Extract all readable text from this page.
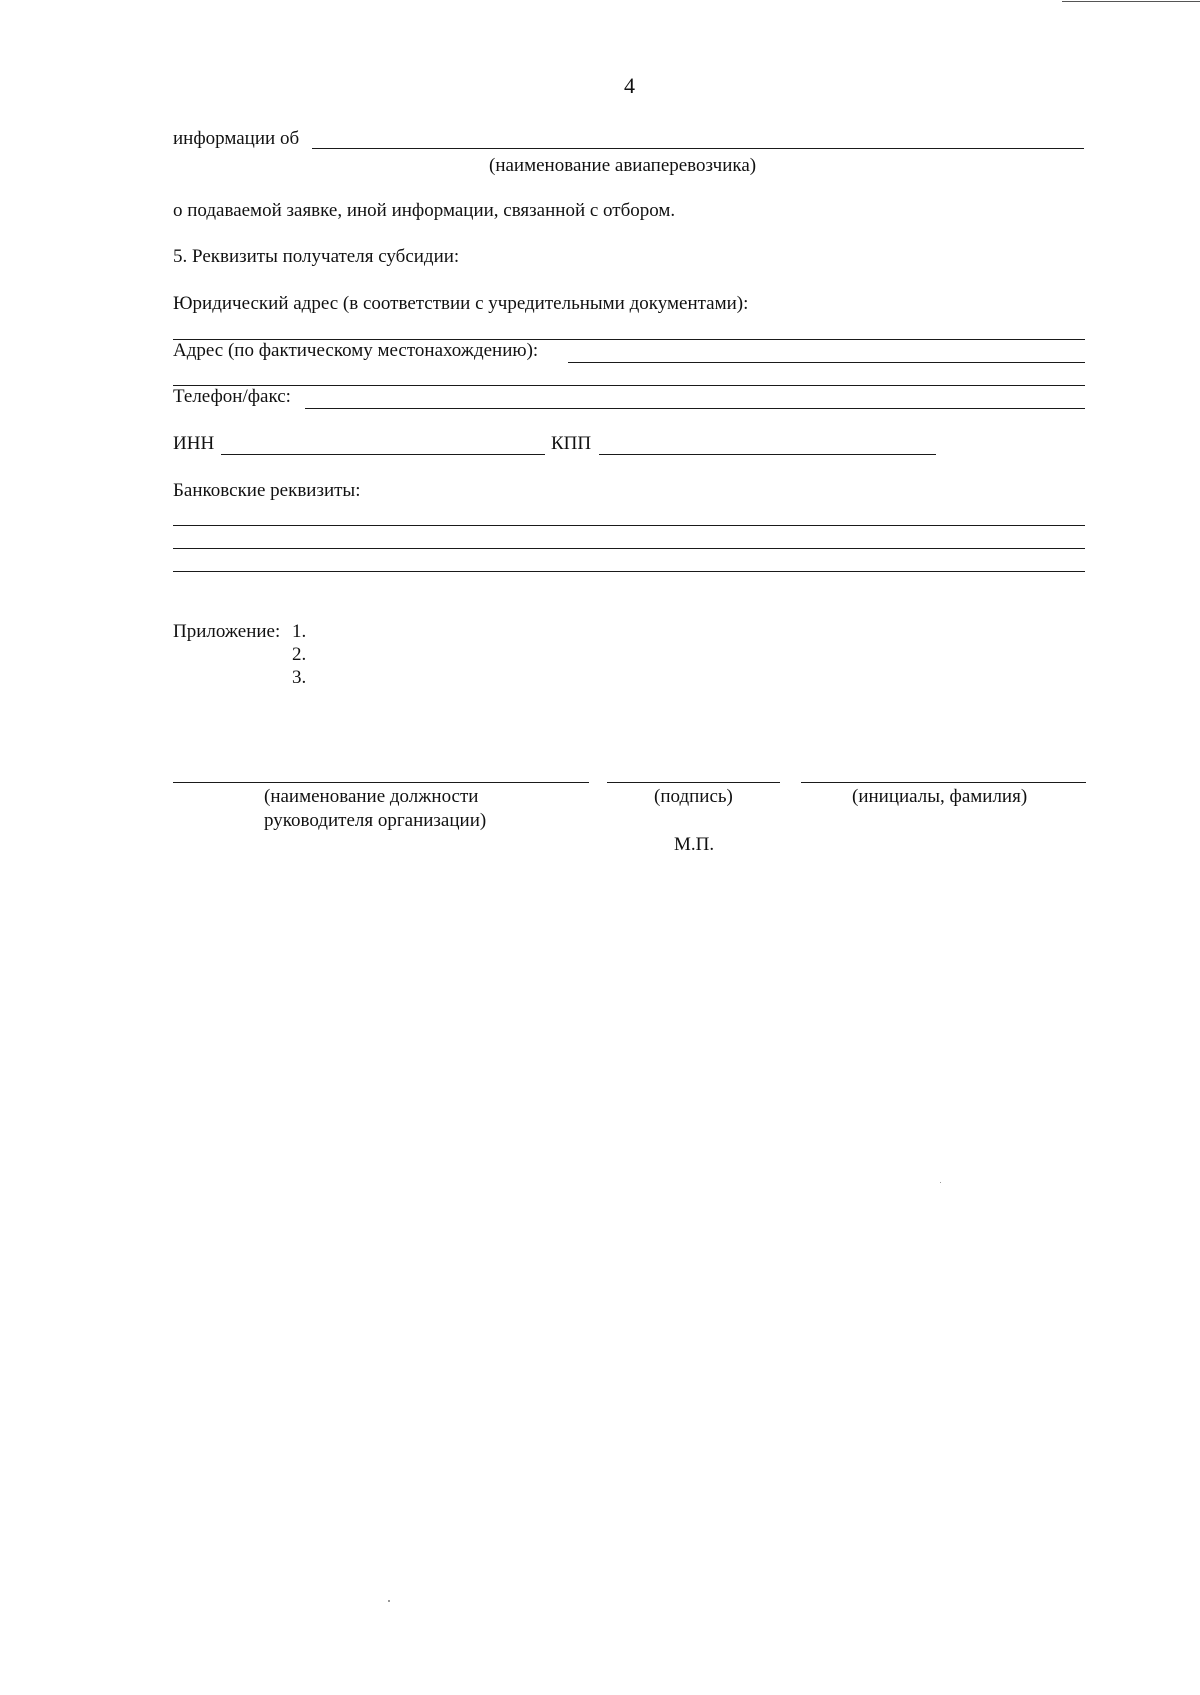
4
информации об
(наименование авиаперевозчика)
о подаваемой заявке, иной информации, связанной с отбором.
5. Реквизиты получателя субсидии:
Юридический адрес (в соответствии с учредительными документами):
Адрес (по фактическому местонахождению):
Телефон/факс:
ИНН	КПП
Банковские реквизиты:
Приложение: 1.
2.
3.
(наименование должности
руководителя организации)
(подпись)	(инициалы, фамилия)
М.П.
